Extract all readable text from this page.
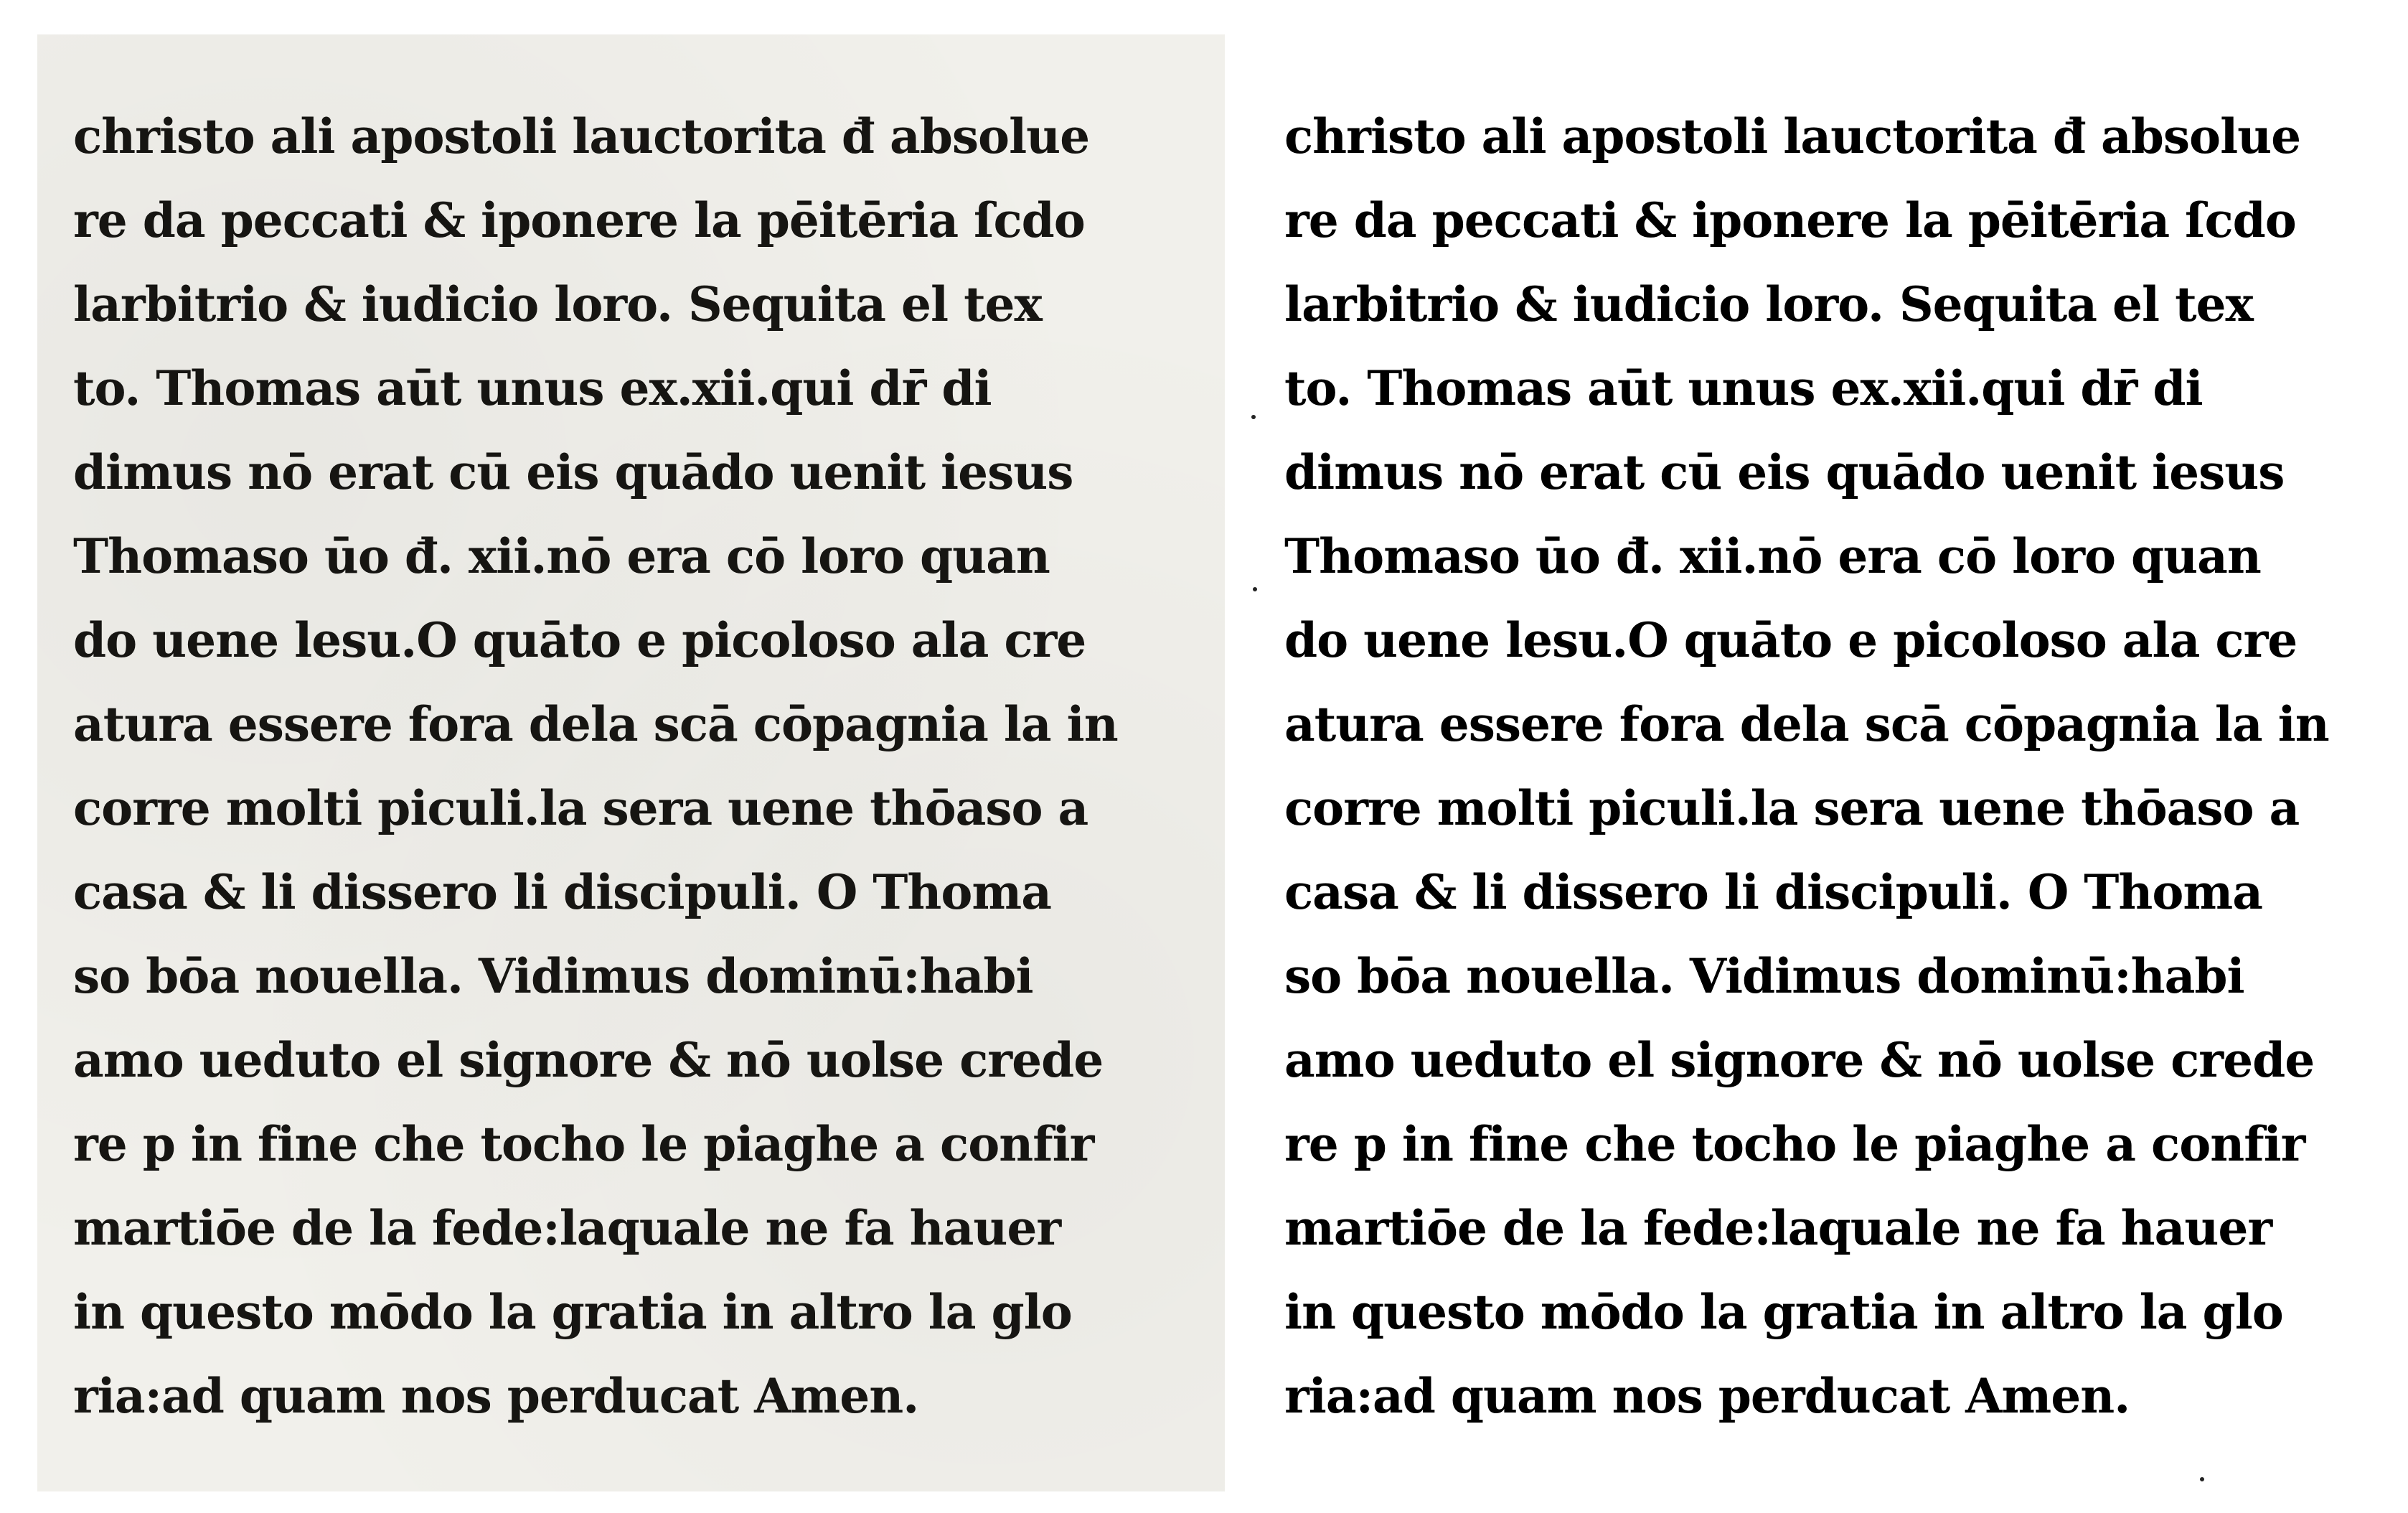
christo ali apostoli lauctorita đ absolue
re da peccati & iponere la pēitēria ſcdo
larbitrio & iudicio loro. Sequita el tex
to. Thomas aūt unus ex.xii.qui dr̄ di
dimus nō erat cū eis quādo uenit iesus
Thomaso ūo đ. xii.nō era cō loro quan
do uene lesu.O quāto e picoloso ala cre
atura essere fora dela scā cōpagnia la in
corre molti piculi.la sera uene thōaso a
casa & li dissero li discipuli. O Thoma
so bōa nouella. Vidimus dominū:habi
amo ueduto el signore & nō uolse crede
re p in fine che tocho le piaghe a confir
martiōe de la fede:laquale ne fa hauer
in questo mōdo la gratia in altro la glo
ria:ad quam nos perducat Amen.
christo ali apostoli lauctorita đ absolue
re da peccati & iponere la pēitēria ſcdo
larbitrio & iudicio loro. Sequita el tex
to. Thomas aūt unus ex.xii.qui dr̄ di
dimus nō erat cū eis quādo uenit iesus
Thomaso ūo đ. xii.nō era cō loro quan
do uene lesu.O quāto e picoloso ala cre
atura essere fora dela scā cōpagnia la in
corre molti piculi.la sera uene thōaso a
casa & li dissero li discipuli. O Thoma
so bōa nouella. Vidimus dominū:habi
amo ueduto el signore & nō uolse crede
re p in fine che tocho le piaghe a confir
martiōe de la fede:laquale ne fa hauer
in questo mōdo la gratia in altro la glo
ria:ad quam nos perducat Amen.
